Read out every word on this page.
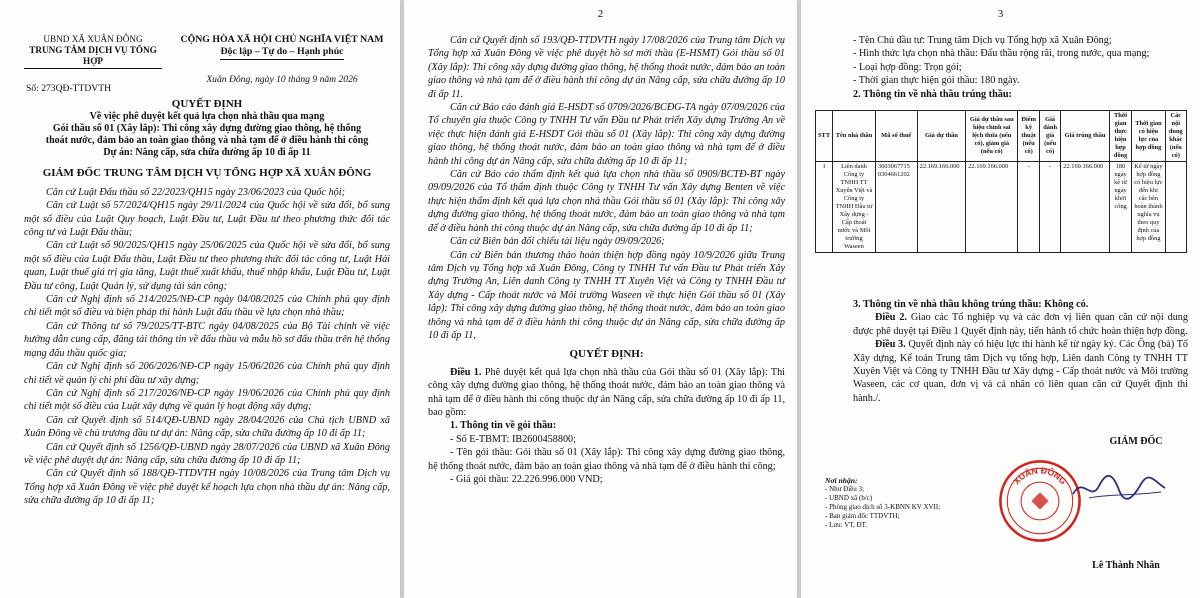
UBND XÃ XUÂN ĐÔNG
TRUNG TÂM DỊCH VỤ TỔNG HỢP
Số: 273QĐ-TTDVTH
CỘNG HÒA XÃ HỘI CHỦ NGHĨA VIỆT NAM
Độc lập – Tự do – Hạnh phúc
Xuân Đông, ngày 10 tháng 9 năm 2026

QUYẾT ĐỊNH

Về việc phê duyệt kết quả lựa chọn nhà thầu qua mạng

Gói thầu số 01 (Xây lắp): Thi công xây dựng đường giao thông, hệ thống

thoát nước, đảm bảo an toàn giao thông và nhà tạm để ở điều hành thi công

Dự án: Nâng cấp, sửa chữa đường ấp 10 đi ấp 11

GIÁM ĐỐC TRUNG TÂM DỊCH VỤ TỔNG HỢP XÃ XUÂN ĐÔNG

Căn cứ Luật Đấu thầu số 22/2023/QH15 ngày 23/06/2023 của Quốc hội;

Căn cứ Luật số 57/2024/QH15 ngày 29/11/2024 của Quốc hội về sửa đổi, bổ sung một số điều của Luật Quy hoạch, Luật Đầu tư, Luật Đầu tư theo phương thức đối tác công tư và Luật Đấu thầu;

Căn cứ Luật số 90/2025/QH15 ngày 25/06/2025 của Quốc hội về sửa đổi, bổ sung một số điều của Luật Đấu thầu, Luật Đầu tư theo phương thức đối tác công tư, Luật Hải quan, Luật thuế giá trị gia tăng, Luật thuế xuất khẩu, thuế nhập khẩu, Luật Đầu tư, Luật Đầu tư công, Luật Quản lý, sử dụng tài sản công;

Căn cứ Nghị định số 214/2025/NĐ-CP ngày 04/08/2025 của Chính phủ quy định chi tiết một số điều và biện pháp thi hành Luật đấu thầu về lựa chọn nhà thầu;

Căn cứ Thông tư số 79/2025/TT-BTC ngày 04/08/2025 của Bộ Tài chính về việc hướng dẫn cung cấp, đăng tải thông tin về đấu thầu và mẫu hồ sơ đấu thầu trên hệ thống mạng đấu thầu quốc gia;

Căn cứ Nghị định số 206/2026/NĐ-CP ngày 15/06/2026 của Chính phủ quy định chi tiết về quản lý chi phí đầu tư xây dựng;

Căn cứ Nghị định số 217/2026/NĐ-CP ngày 19/06/2026 của Chính phủ quy định chi tiết một số điều của Luật xây dựng về quản lý hoạt động xây dựng;

Căn cứ Quyết định số 514/QĐ-UBND ngày 28/04/2026 của Chủ tịch UBND xã Xuân Đông về chủ trương đầu tư dự án: Nâng cấp, sửa chữa đường ấp 10 đi ấp 11;

Căn cứ Quyết định số 1256/QĐ-UBND ngày 28/07/2026 của UBND xã Xuân Đông về việc phê duyệt dự án: Nâng cấp, sửa chữa đường ấp 10 đi ấp 11;

Căn cứ Quyết định số 188/QĐ-TTDVTH ngày 10/08/2026 của Trung tâm Dịch vụ Tổng hợp xã Xuân Đông về việc phê duyệt kế hoạch lựa chọn nhà thầu dự án: Nâng cấp, sửa chữa đường ấp 10 đi ấp 11;

2

Căn cứ Quyết định số 193/QĐ-TTDVTH ngày 17/08/2026 của Trung tâm Dịch vụ Tổng hợp xã Xuân Đông về việc phê duyệt hồ sơ mời thầu (E-HSMT) Gói thầu số 01 (Xây lắp): Thi công xây dựng đường giao thông, hệ thống thoát nước, đảm bảo an toàn giao thông và nhà tạm để ở điều hành thi công dự án Nâng cấp, sửa chữa đường ấp 10 đi ấp 11.

Căn cứ Báo cáo đánh giá E-HSDT số 0709/2026/BCĐG-TA ngày 07/09/2026 của Tổ chuyên gia thuộc Công ty TNHH Tư vấn Đầu tư Phát triển Xây dựng Trường An về việc thực hiện đánh giá E-HSDT Gói thầu số 01 (Xây lắp): Thi công xây dựng đường giao thông, hệ thống thoát nước, đảm bảo an toàn giao thông và nhà tạm để ở điều hành thi công dự án Nâng cấp, sửa chữa đường ấp 10 đi ấp 11;

Căn cứ Báo cáo thẩm định kết quả lựa chọn nhà thầu số 0909/BCTĐ-BT ngày 09/09/2026 của Tổ thẩm định thuộc Công ty TNHH Tư vấn Xây dựng Benten về việc thực hiện thẩm định kết quả lựa chọn nhà thầu Gói thầu số 01 (Xây lắp): Thi công xây dựng đường giao thông, hệ thống thoát nước, đảm bảo an toàn giao thông và nhà tạm để ở điều hành thi công thuộc dự án Nâng cấp, sửa chữa đường ấp 10 đi ấp 11;

Căn cứ Biên bản đối chiếu tài liệu ngày 09/09/2026;

Căn cứ Biên bản thương thảo hoàn thiện hợp đồng ngày 10/9/2026 giữa Trung tâm Dịch vụ Tổng hợp xã Xuân Đông, Công ty TNHH Tư vấn Đầu tư Phát triển Xây dựng Trường An, Liên danh Công ty TNHH TT Xuyên Việt và Công ty TNHH Đầu tư Xây dựng - Cấp thoát nước và Môi trường Waseen về thực hiện Gói thầu số 01 (Xây lắp): Thi công xây dựng đường giao thông, hệ thống thoát nước, đảm bảo an toàn giao thông và nhà tạm để ở điều hành thi công thuộc dự án Nâng cấp, sửa chữa đường ấp 10 đi ấp 11,

QUYẾT ĐỊNH:

Điều 1. Phê duyệt kết quả lựa chọn nhà thầu của Gói thầu số 01 (Xây lắp): Thi công xây dựng đường giao thông, hệ thống thoát nước, đảm bảo an toàn giao thông và nhà tạm để ở điều hành thi công thuộc dự án Nâng cấp, sửa chữa đường ấp 10 đi ấp 11, bao gồm:

1. Thông tin về gói thầu:

- Số E-TBMT: IB2600458800;

- Tên gói thầu: Gói thầu số 01 (Xây lắp): Thi công xây dựng đường giao thông, hệ thống thoát nước, đảm bảo an toàn giao thông và nhà tạm để ở điều hành thi công;

- Giá gói thầu: 22.226.996.000 VND;

3

- Tên Chủ đầu tư: Trung tâm Dịch vụ Tổng hợp xã Xuân Đông;

- Hình thức lựa chọn nhà thầu: Đấu thầu rộng rãi, trong nước, qua mạng;

- Loại hợp đồng: Trọn gói;

- Thời gian thực hiện gói thầu: 180 ngày.

2. Thông tin về nhà thầu trúng thầu:

STT	Tên nhà thầu	Mã số thuế	Giá dự thầu	Giá dự thầu sau hiệu chỉnh sai lệch thừa (nếu có), giảm giá (nếu có)	Điểm kỹ thuật (nếu có)	Giá đánh giá (nếu có)	Giá trúng thầu	Thời gian thực hiện hợp đồng	Thời gian có hiệu lực của hợp đồng	Các nội dung khác (nếu có)
1	Liên danh Công ty TNHH TT Xuyên Việt và Công ty TNHH Đầu tư Xây dựng - Cấp thoát nước và Môi trường Waseen	3603067715 0304661202	22.169.166.000	22.169.166.000	-	-	22.169.166.000	180 ngày kể từ ngày khởi công	Kể từ ngày hợp đồng có hiệu lực đến khi các bên hoàn thành nghĩa vụ theo quy định của hợp đồng	

3. Thông tin về nhà thầu không trúng thầu: Không có.

Điều 2. Giao các Tổ nghiệp vụ và các đơn vị liên quan căn cứ nội dung được phê duyệt tại Điều 1 Quyết định này, tiến hành tổ chức hoàn thiện hợp đồng.

Điều 3. Quyết định này có hiệu lực thi hành kể từ ngày ký. Các Ông (bà) Tổ Xây dựng, Kế toán Trung tâm Dịch vụ tổng hợp, Liên danh Công ty TNHH TT Xuyên Việt và Công ty TNHH Đầu tư Xây dựng - Cấp thoát nước và Môi trường Waseen, các cơ quan, đơn vị và cá nhân có liên quan căn cứ Quyết định thi hành./.

Nơi nhận:

- Như Điều 3;

- UBND xã (b/c)

- Phòng giao dịch số 3-KBNN KV XVII;

- Ban giám đốc TTDVTH;

- Lưu: VT, ĐT.

GIÁM ĐỐC

XUÂN ĐÔNG

Lê Thành Nhân
